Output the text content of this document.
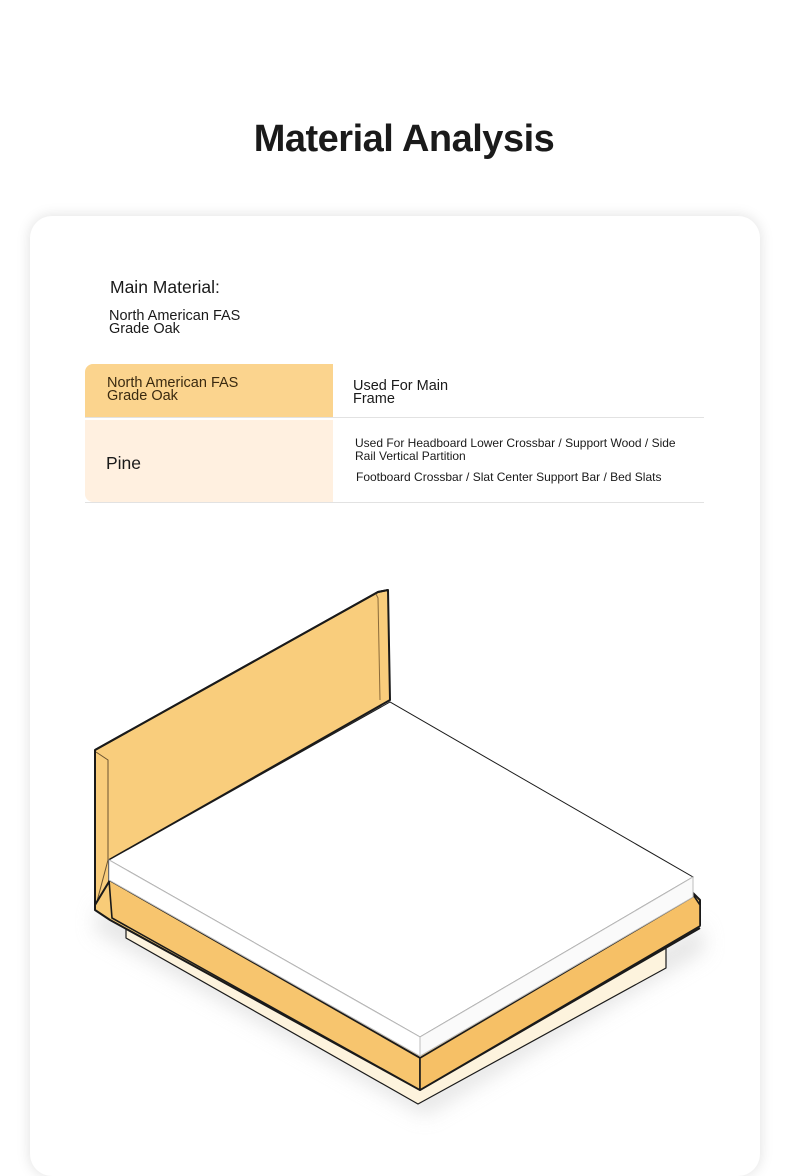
Material Analysis
Main Material:
North American FAS Grade Oak
North American FAS Grade Oak
Used For Main Frame
Pine
Used For Headboard Lower Crossbar / Support Wood / Side Rail Vertical Partition
Footboard Crossbar / Slat Center Support Bar / Bed Slats
